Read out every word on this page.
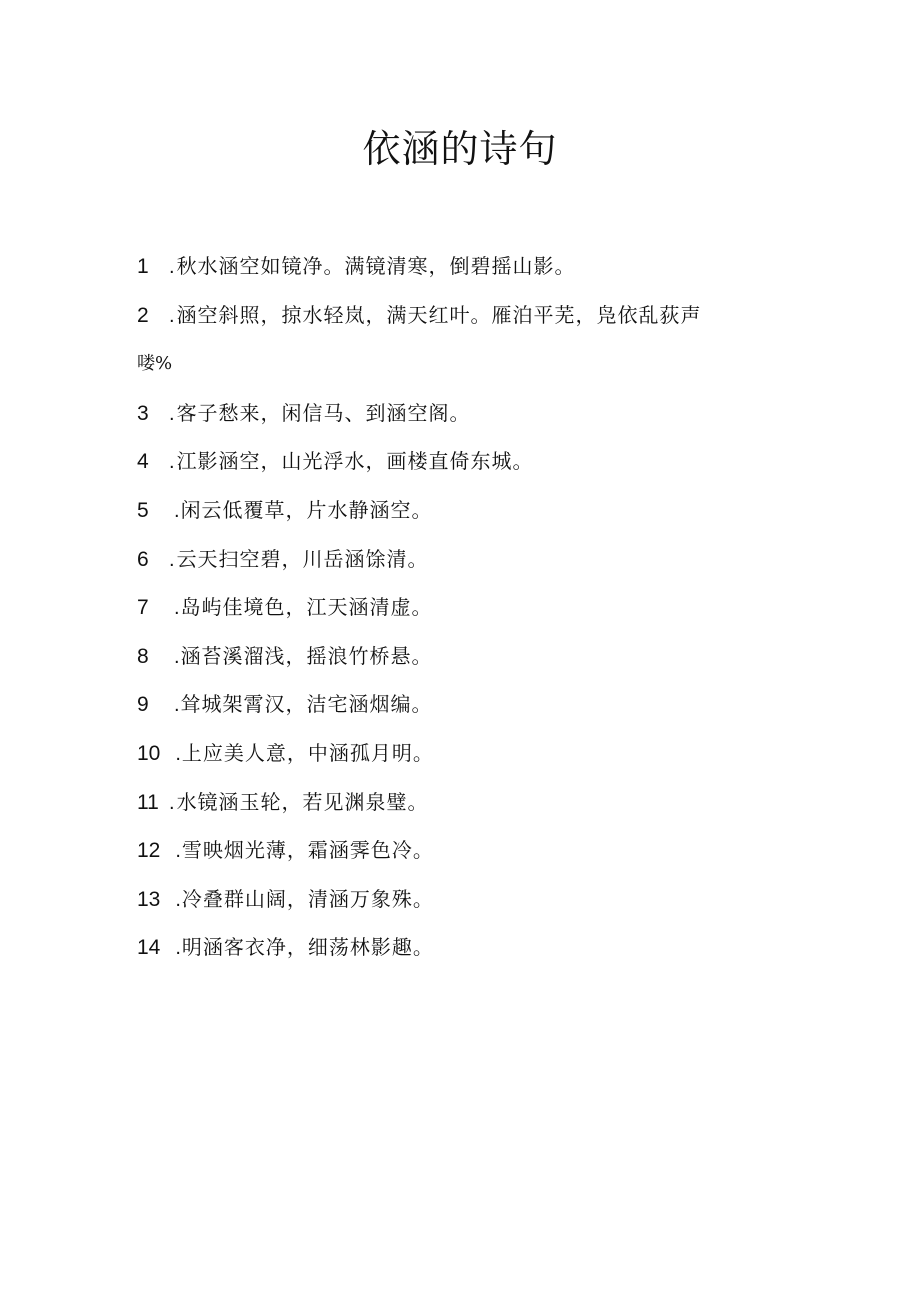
依涵的诗句
1 . 秋水涵空如镜净。满镜清寒，倒碧摇山影。
2 . 涵空斜照，掠水轻岚，满天红叶。雁泊平芜，凫依乱荻声
喽%
3 . 客子愁来，闲信马、到涵空阁。
4 . 江影涵空，山光浮水，画楼直倚东城。
5 .闲云低覆草，片水静涵空。
6 . 云天扫空碧，川岳涵馀清。
7 .岛屿佳境色，江天涵清虚。
8 .涵苔溪溜浅，摇浪竹桥悬。
9 .耸城架霄汉，洁宅涵烟编。
10 .上应美人意，中涵孤月明。
11 . 水镜涵玉轮，若见渊泉璧。
12 .雪映烟光薄，霜涵霁色冷。
13 .冷叠群山阔，清涵万象殊。
14 .明涵客衣净，细荡林影趣。
